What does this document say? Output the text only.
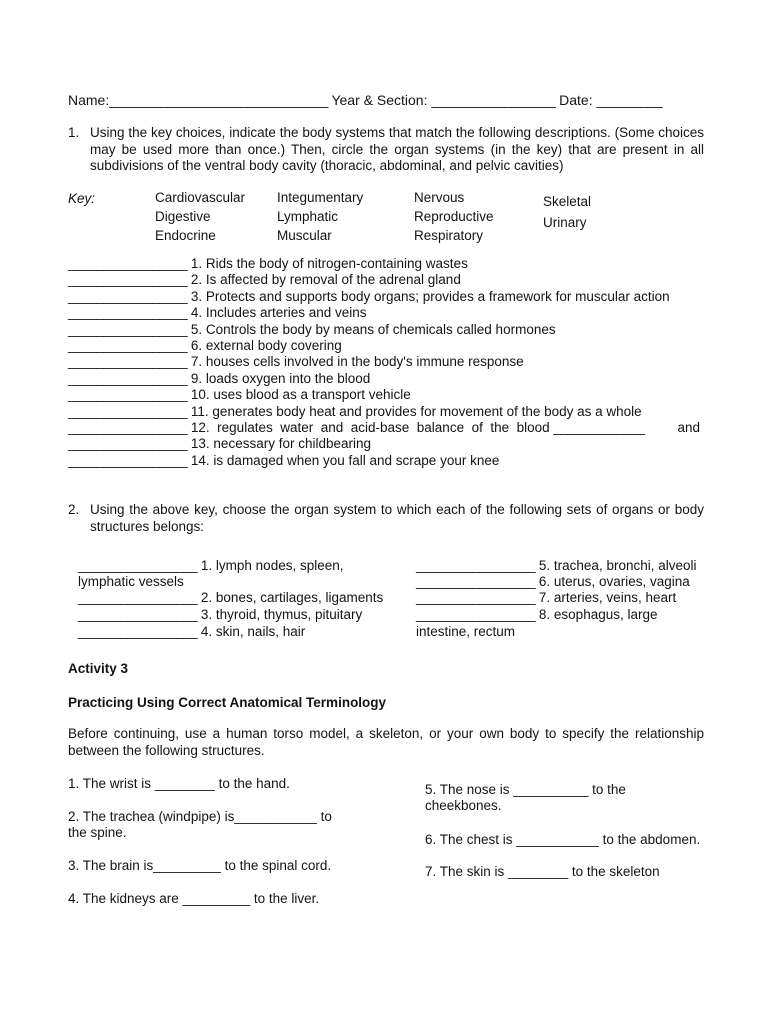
Name:______________________________ Year & Section: _________________ Date: _________
1. Using the key choices, indicate the body systems that match the following descriptions. (Some choices may be used more than once.) Then, circle the organ systems (in the key) that are present in all subdivisions of the ventral body cavity (thoracic, abdominal, and pelvic cavities)
Key:	Cardiovascular
Digestive
Endocrine
Integumentary
Lymphatic
Muscular
Nervous
Reproductive
Respiratory
Skeletal
Urinary
_________________ 1. Rids the body of nitrogen-containing wastes
_________________ 2. Is affected by removal of the adrenal gland
_________________ 3. Protects and supports body organs; provides a framework for muscular action
_________________ 4. Includes arteries and veins
_________________ 5. Controls the body by means of chemicals called hormones
_________________ 6. external body covering
_________________ 7. houses cells involved in the body's immune response
_________________ 9. loads oxygen into the blood
_________________ 10. uses blood as a transport vehicle
_________________ 11. generates body heat and provides for movement of the body as a whole
_________________ 12.  regulates  water  and  acid-base  balance  of  the  blood _____________ and
_________________ 13. necessary for childbearing
_________________ 14. is damaged when you fall and scrape your knee
2. Using the above key, choose the organ system to which each of the following sets of organs or body structures belongs:
_________________ 1. lymph nodes, spleen,
lymphatic vessels
_________________ 2. bones, cartilages, ligaments
_________________ 3. thyroid, thymus, pituitary
_________________ 4. skin, nails, hair
_________________ 5. trachea, bronchi, alveoli
_________________ 6. uterus, ovaries, vagina
_________________ 7. arteries, veins, heart
_________________ 8. esophagus, large
intestine, rectum
Activity 3
Practicing Using Correct Anatomical Terminology
Before continuing, use a human torso model, a skeleton, or your own body to specify the relationship between the following structures.
1. The wrist is ________ to the hand.
2. The trachea (windpipe) is___________ to
the spine.
3. The brain is_________ to the spinal cord.
4. The kidneys are _________ to the liver.
5. The nose is __________ to the
cheekbones.
6. The chest is ___________ to the abdomen.
7. The skin is ________ to the skeleton
